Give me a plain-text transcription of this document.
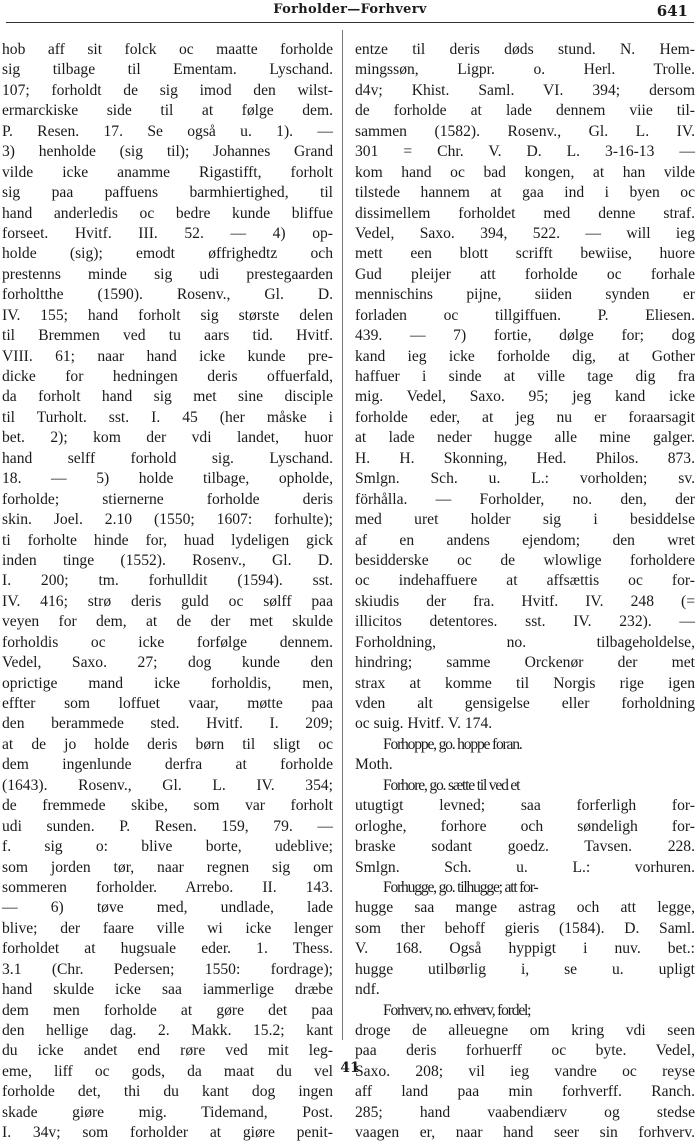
Forholder—Forhverv	641
hob aff sit folck oc maatte forholde
sig tilbage til Ementam. Lyschand.
107; forholdt de sig imod den wilst-
ermarckiske side til at følge dem.
P. Resen. 17. Se også u. 1). —
3) henholde (sig til); Johannes Grand
vilde icke anamme Rigastifft, forholt
sig paa paffuens barmhiertighed, til
hand anderledis oc bedre kunde bliffue
forseet. Hvitf. III. 52. — 4) op-
holde (sig); emodt øffrighedtz och
prestenns minde sig udi prestegaarden
forholtthe (1590). Rosenv., Gl. D.
IV. 155; hand forholt sig største delen
til Bremmen ved tu aars tid. Hvitf.
VIII. 61; naar hand icke kunde pre-
dicke for hedningen deris offuerfald,
da forholt hand sig met sine disciple
til Turholt. sst. I. 45 (her måske i
bet. 2); kom der vdi landet, huor
hand selff forhold sig. Lyschand.
18. — 5) holde tilbage, opholde,
forholde; stiernerne forholde deris
skin. Joel. 2.10 (1550; 1607: forhulte);
ti forholte hinde for, huad lydeligen gick
inden tinge (1552). Rosenv., Gl. D.
I. 200; tm. forhulldit (1594). sst.
IV. 416; strø deris guld oc sølff paa
veyen for dem, at de der met skulde
forholdis oc icke forfølge dennem.
Vedel, Saxo. 27; dog kunde den
oprictige mand icke forholdis, men,
effter som loffuet vaar, møtte paa
den berammede sted. Hvitf. I. 209;
at de jo holde deris børn til sligt oc
dem ingenlunde derfra at forholde
(1643). Rosenv., Gl. L. IV. 354;
de fremmede skibe, som var forholt
udi sunden. P. Resen. 159, 79. —
f. sig o: blive borte, udeblive;
som jorden tør, naar regnen sig om
sommeren forholder. Arrebo. II. 143.
— 6) tøve med, undlade, lade
blive; der faare ville wi icke lenger
forholdet at hugsuale eder. 1. Thess.
3.1 (Chr. Pedersen; 1550: fordrage);
hand skulde icke saa iammerlige dræbe
dem men forholde at gøre det paa
den hellige dag. 2. Makk. 15.2; kant
du icke andet end røre ved mit leg-
eme, liff oc gods, da maat du vel
forholde det, thi du kant dog ingen
skade giøre mig. Tidemand, Post.
I. 34v; som forholder at giøre penit-
entze til deris døds stund. N. Hem-
mingssøn, Ligpr. o. Herl. Trolle.
d4v; Khist. Saml. VI. 394; dersom
de forholde at lade dennem viie til-
sammen (1582). Rosenv., Gl. L. IV.
301 = Chr. V. D. L. 3-16-13 —
kom hand oc bad kongen, at han vilde
tilstede hannem at gaa ind i byen oc
dissimellem forholdet med denne straf.
Vedel, Saxo. 394, 522. — will ieg
mett een blott scrifft bewiise, huore
Gud pleijer att forholde oc forhale
mennischins pijne, siiden synden er
forladen oc tillgiffuen. P. Eliesen.
439. — 7) fortie, dølge for; dog
kand ieg icke forholde dig, at Gother
haffuer i sinde at ville tage dig fra
mig. Vedel, Saxo. 95; jeg kand icke
forholde eder, at jeg nu er foraarsagit
at lade neder hugge alle mine galger.
H. H. Skonning, Hed. Philos. 873.
Smlgn. Sch. u. L.: vorholden; sv.
förhålla. — Forholder, no. den, der
med uret holder sig i besiddelse
af en andens ejendom; den wret
besidderske oc de wlowlige forholdere
oc indehaffuere at affsættis oc for-
skiudis der fra. Hvitf. IV. 248 (=
illicitos detentores. sst. IV. 232). —
Forholdning, no. tilbageholdelse,
hindring; samme Orckenør der met
strax at komme til Norgis rige igen
vden alt gensigelse eller forholdning
oc suig. Hvitf. V. 174.
Forhoppe, go. hoppe foran.
Moth.
Forhore, go. sætte til ved et
utugtigt levned; saa forferligh for-
orloghe, forhore och søndeligh for-
braske sodant goedz. Tavsen. 228.
Smlgn. Sch. u. L.: vorhuren.
Forhugge, go. tilhugge; att for-
hugge saa mange astrag och att legge,
som ther behoff gieris (1584). D. Saml.
V. 168. Også hyppigt i nuv. bet.:
hugge utilbørlig i, se u. upligt
ndf.
Forhverv, no. erhverv, fordel;
droge de alleuegne om kring vdi seen
paa deris forhuerff oc byte. Vedel,
Saxo. 208; vil ieg vandre oc reyse
aff land paa min forhverff. Ranch.
285; hand vaabendiærv og stedse
vaagen er, naar hand seer sin forhverv.
41
